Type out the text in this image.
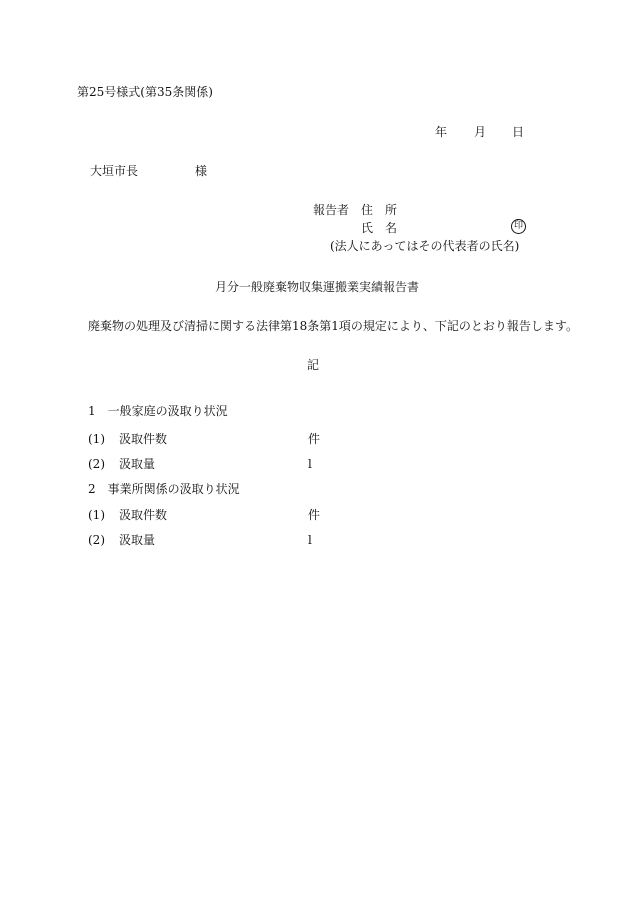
第25号様式(第35条関係)
年 月 日
大垣市長	様
報告者 住　所
氏　名	印
(法人にあってはその代表者の氏名)
月分一般廃棄物収集運搬業実績報告書
廃棄物の処理及び清掃に関する法律第18条第1項の規定により、下記のとおり報告します。
記
1　一般家庭の汲取り状況
(1) 汲取件数	件
(2) 汲取量	l
2　事業所関係の汲取り状況
(1) 汲取件数	件
(2) 汲取量	l
